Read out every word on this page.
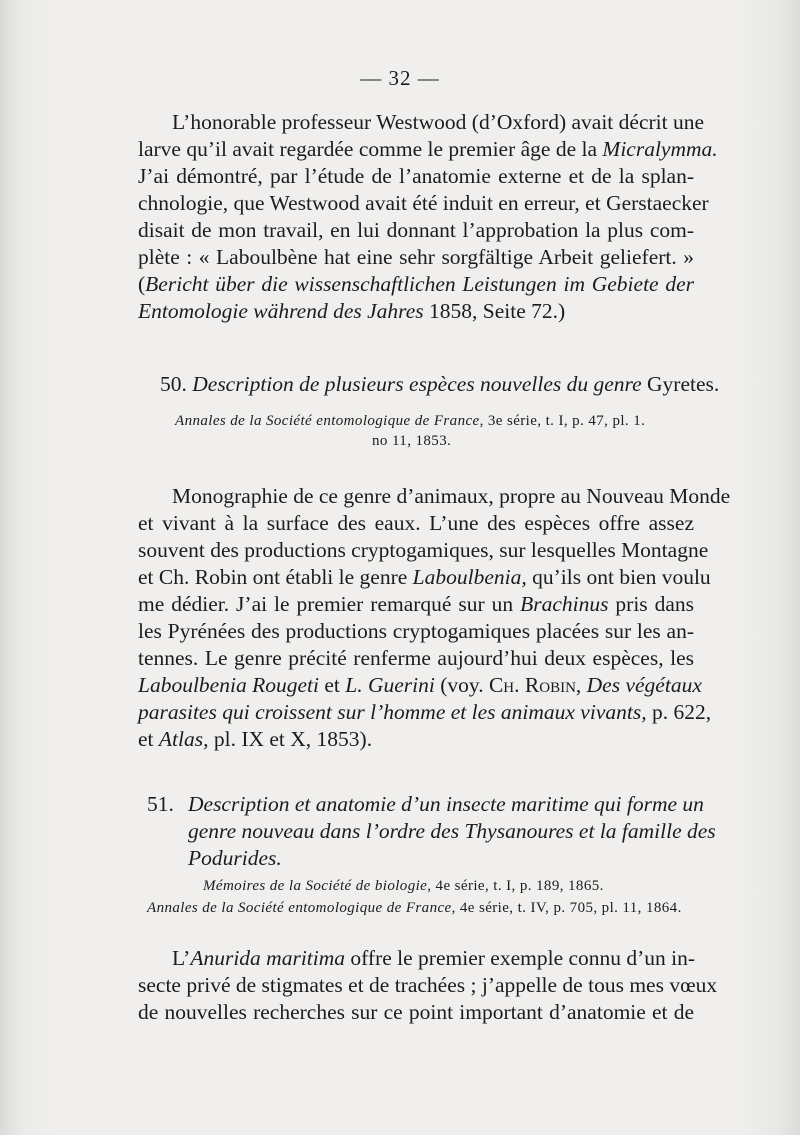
— 32 —
L’honorable professeur Westwood (d’Oxford) avait décrit une
larve qu’il avait regardée comme le premier âge de la Micralymma.
J’ai démontré, par l’étude de l’anatomie externe et de la splan-
chnologie, que Westwood avait été induit en erreur, et Gerstaecker
disait de mon travail, en lui donnant l’approbation la plus com-
plète : « Laboulbène hat eine sehr sorgfältige Arbeit geliefert. »
(Bericht über die wissenschaftlichen Leistungen im Gebiete der
Entomologie während des Jahres 1858, Seite 72.)
50. Description de plusieurs espèces nouvelles du genre Gyretes.
Annales de la Société entomologique de France, 3e série, t. I, p. 47, pl. 1.
no 11, 1853.
Monographie de ce genre d’animaux, propre au Nouveau Monde
et vivant à la surface des eaux. L’une des espèces offre assez
souvent des productions cryptogamiques, sur lesquelles Montagne
et Ch. Robin ont établi le genre Laboulbenia, qu’ils ont bien voulu
me dédier. J’ai le premier remarqué sur un Brachinus pris dans
les Pyrénées des productions cryptogamiques placées sur les an-
tennes. Le genre précité renferme aujourd’hui deux espèces, les
Laboulbenia Rougeti et L. Guerini (voy. Ch. Robin, Des végétaux
parasites qui croissent sur l’homme et les animaux vivants, p. 622,
et Atlas, pl. IX et X, 1853).
51. Description et anatomie d’un insecte maritime qui forme un
genre nouveau dans l’ordre des Thysanoures et la famille des
Podurides.
Mémoires de la Société de biologie, 4e série, t. I, p. 189, 1865.
Annales de la Société entomologique de France, 4e série, t. IV, p. 705, pl. 11, 1864.
L’Anurida maritima offre le premier exemple connu d’un in-
secte privé de stigmates et de trachées ; j’appelle de tous mes vœux
de nouvelles recherches sur ce point important d’anatomie et de
